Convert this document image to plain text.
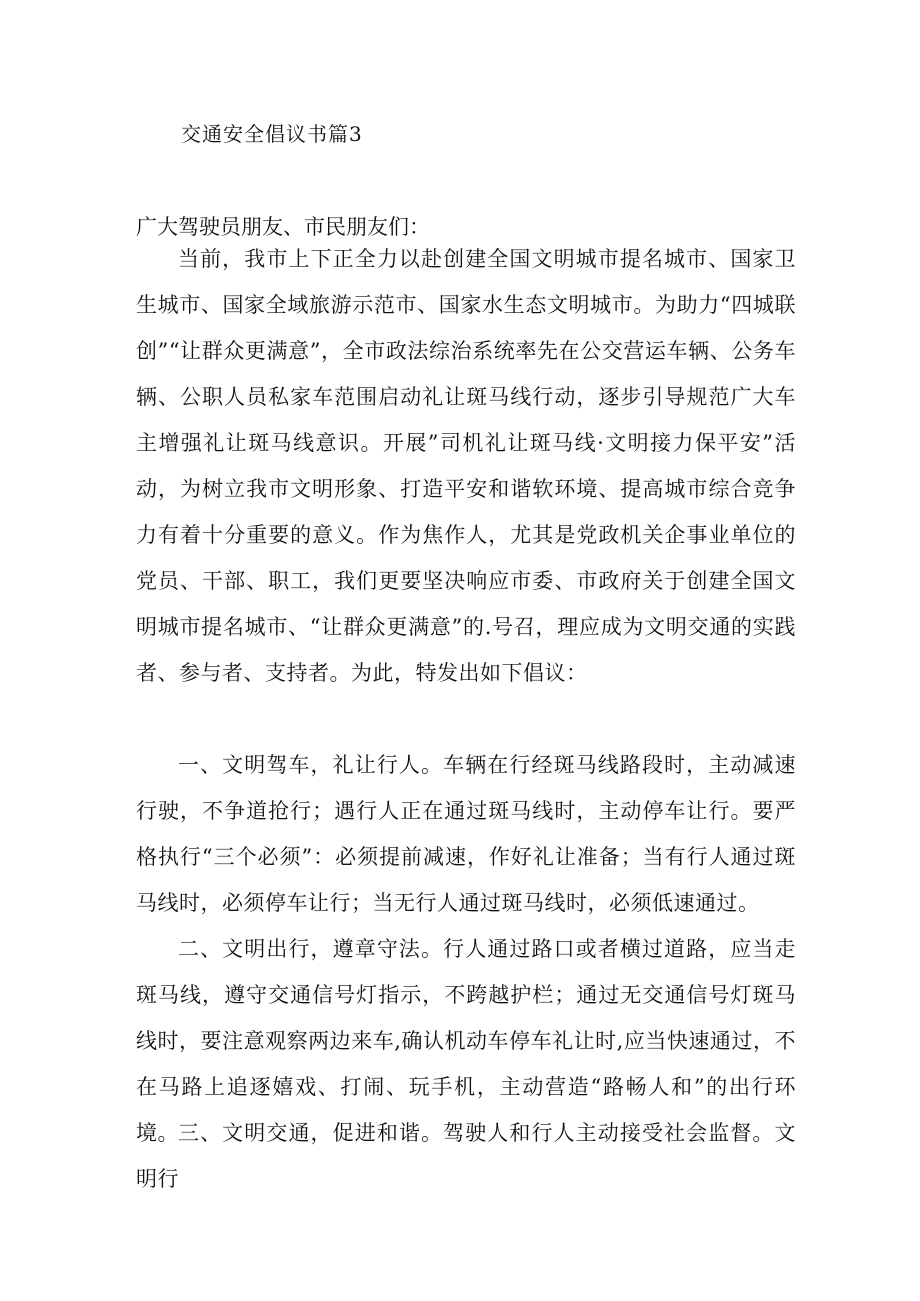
交通安全倡议书篇3
广大驾驶员朋友、市民朋友们：

当前，我市上下正全力以赴创建全国文明城市提名城市、国家卫生城市、国家全域旅游示范市、国家水生态文明城市。为助力“四城联创”“让群众更满意”，全市政法综治系统率先在公交营运车辆、公务车辆、公职人员私家车范围启动礼让斑马线行动，逐步引导规范广大车主增强礼让斑马线意识。开展”司机礼让斑马线·文明接力保平安”活动，为树立我市文明形象、打造平安和谐软环境、提高城市综合竞争力有着十分重要的意义。作为焦作人，尤其是党政机关企事业单位的党员、干部、职工，我们更要坚决响应市委、市政府关于创建全国文明城市提名城市、“让群众更满意”的.号召，理应成为文明交通的实践者、参与者、支持者。为此，特发出如下倡议：

一、文明驾车，礼让行人。车辆在行经斑马线路段时，主动减速行驶，不争道抢行；遇行人正在通过斑马线时，主动停车让行。要严格执行“三个必须”：必须提前减速，作好礼让准备；当有行人通过斑马线时，必须停车让行；当无行人通过斑马线时，必须低速通过。

二、文明出行，遵章守法。行人通过路口或者横过道路，应当走斑马线，遵守交通信号灯指示，不跨越护栏；通过无交通信号灯斑马线时，要注意观察两边来车,确认机动车停车礼让时,应当快速通过，不在马路上追逐嬉戏、打闹、玩手机，主动营造“路畅人和”的出行环境。 三、文明交通，促进和谐。驾驶人和行人主动接受社会监督。文明行
